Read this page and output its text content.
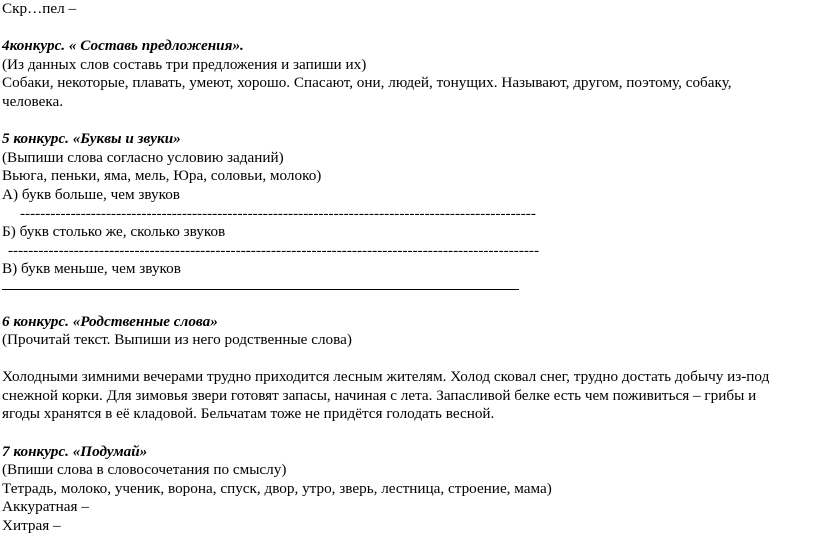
Скр…пел –
4конкурс. « Составь предложения».
(Из данных слов составь три предложения и запиши их)
Собаки, некоторые, плавать, умеют, хорошо. Спасают, они, людей, тонущих. Называют, другом, поэтому, собаку, человека.
5 конкурс. «Буквы и звуки»
(Выпиши слова согласно условию заданий)
Вьюга, пеньки, яма, мель, Юра, соловьи, молоко)
А) букв больше, чем звуков
------------------------------------------------------------------------------------------------------
Б) букв столько же, сколько звуков
---------------------------------------------------------------------------------------------------------
В) букв меньше, чем звуков
6 конкурс. «Родственные слова»
(Прочитай текст. Выпиши из него родственные слова)
Холодными зимними вечерами трудно приходится лесным жителям. Холод сковал снег, трудно достать добычу из-под снежной корки. Для зимовья звери готовят запасы, начиная с лета. Запасливой белке есть чем поживиться – грибы и ягоды хранятся в её кладовой. Бельчатам тоже не придётся голодать весной.
7 конкурс. «Подумай»
(Впиши слова в словосочетания по смыслу)
Тетрадь, молоко, ученик, ворона, спуск, двор, утро, зверь, лестница, строение, мама)
Аккуратная –
Хитрая –
